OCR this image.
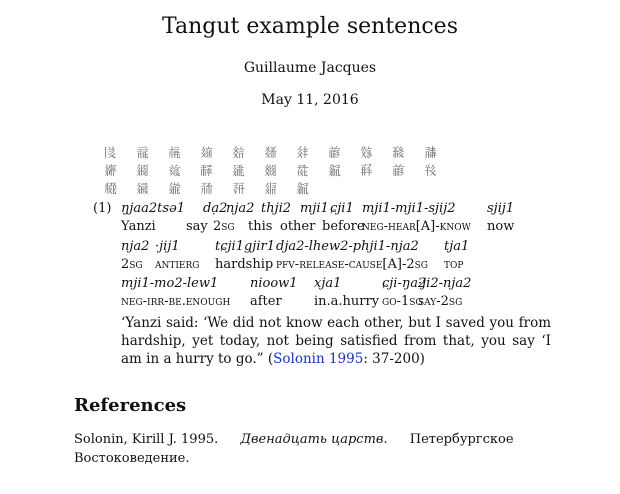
Tangut example sentences
Guillaume Jacques
May 11, 2016
𗁅 𗄈 𗍫 𗦻 𗾖 𘀄 𗢳 𗑗 𗼵 𘈷 𗰜
𗦀 𗥃 𗒛 𗵹 𗧓 𗾞 𗱕 𗥑 𗷲 𗑗 𘁂
𗆧 𗩨 𗨁 𗗙 𗕹 𗤋 𗥑
(1) ŋjaa2tsə1 dạ2
nja2 thji2 mji1 ɕji1 mji1-mji1-sjij2 sjij1
Yanzi say 2sg this other before
neg-hear[A]-know now
nja2 ·jij1	tɕji1gjir1 dja2-lhew2-phji1-nja2 tja1
2sg antierg hardship pfv-release-cause[A]-2sg top
mji1-mo2-lew1 nioow1 xja1	ɕji-ŋa2
·ji2-nja2
neg-irr-be.enough after in.a.hurry go-1sg
say-2sg
‘Yanzi said: ‘We did not know each other, but I saved you from hardship, yet today, not being satisfied from that, you say ‘I am in a hurry to go.” (Solonin 1995: 37-200)
References
Solonin, Kirill J. 1995. Двенадцать царств. Петербургское Востоковедение.
